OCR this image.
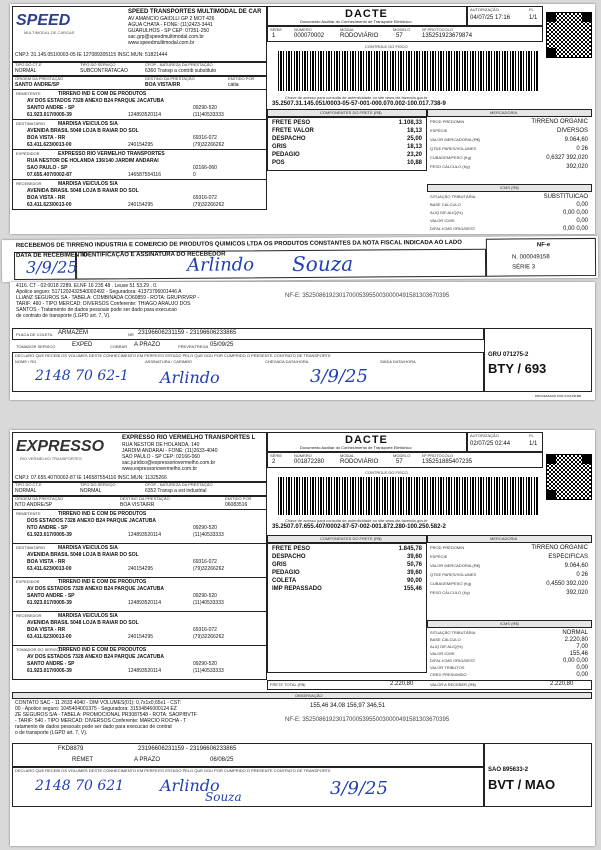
SPEED
MULTIMODAL DE CARGAS
SPEED TRANSPORTES MULTIMODAL DE CAR
AV AMANCIO GAIOLLI GP 2 MOT 426
AGUA CHATA - FONE: (11)2423-3441
GUARULHOS - SP CEP: 07251-250
sac.grp@speedmultimodal.com.br
www.speedmultimodal.com.br
CNPJ: 31.145.051/0003-05 IE 127089305115 INSC.MUN: 51821444
DACTE
Documento Auxiliar do Conhecimento de Transporte Eletrônico
AUTORIZAÇÃO
04/07/25 17:16
FL
1/1
SÉRIE
1
NÚMERO
000070002
MODAL
RODOVIÁRIO
MODELO
57
Nº PROTOCOLO
135251923679874
CONTROLE DO FISCO
Chave de acesso para consulta de autenticidade no site www.cte.fazenda.gov.br
35.2507.31.145.051/0003-05-57-001-000.070.002-100.017.738-9
TIPO DO CT-E
NORMAL
TIPO DO SERVIÇO
SUBCONTRATACAO
CFOP - NATUREZA DA PRESTAÇÃO
6360 Transp a contrib substituto
ORIGEM DA PRESTAÇÃO
SANTO ANDRE/SP
DESTINO DA PRESTAÇÃO
BOA VISTA/RR
EMITIDO POR
catia
REMETENTE	TIRRENO IND E COM DE PRODUTOS
AV DOS ESTADOS 7328 ANEXO B24 PARQUE JACATUBA
SANTO ANDRE - SP	09290-520
61.923.017/0005-39	124893520114	(11)40533333
DESTINATÁRIO	MARDISA VEICULOS S/A
AVENIDA BRASIL 5048 LOJA B RAIAR DO SOL
BOA VISTA - RR	69316-072
63.411.623/0013-00	240154295	(79)32266262
EXPEDIDOR	EXPRESSO RIO VERMELHO TRANSPORTES
RUA NESTOR DE HOLANDA 136/140 JARDIM ANDARAI
SAO PAULO - SP	02166-060
07.655.407/0002-87	146587554116	0
RECEBEDOR	MARDISA VEICULOS S/A
AVENIDA BRASIL 5048 LOJA B RAIAR DO SOL
BOA VISTA - RR	69316-072
63.411.623/0013-00	240154295	(79)32266262
COMPONENTES DO FRETE (R$)
FRETE PESO	1.108,33
FRETE VALOR	18,13
DESPACHO	25,00
GRIS	18,13
PEDAGIO	23,20
POS	10,88
MERCADORIA
PROD PREDOMIN	TIRRENO ORGANIC
ESPÉCIE	DIVERSOS
VALOR MERCADORIA (R$)	9.064,60
QTDE PARES/VOLUMES	0 26
CUBAGEM/PESO (Kg)	0,6327 392,020
PESO CÁLCULO (Kg)	392,020
ICMS (R$)
SITUAÇÃO TRIBUTÁRIA	SUBSTITUICAO
BASE CÁLCULO	0,00
ALIQ DIF.ALIQ(%)	0,00 0,00
VALOR ICMS	0,00
DIFAL ICMS ORIG/DEST	0,00 0,00
RECEBEMOS DE TIRRENO INDUSTRIA E COMERCIO DE PRODUTOS QUIMICOS LTDA OS PRODUTOS CONSTANTES DA NOTA FISCAL INDICADA AO LADO
DATA DE RECEBIMENTO
IDENTIFICAÇÃO E ASSINATURA DO RECEBEDOR
NF-e
N. 000049158
SÉRIE 3
3/9/25	Arlindo Souza
4116. CT - 02:0018 2289. ELNF 16 235 48 . Leuse 51 53.29 . 0.
Apolice seguro: 5171202432540002492 - Seguradora: 41373796001446 A
LLIANZ SEGUROS SA - TABELA: COMBINADA CO60859 - ROTA: GRUP/RVRP -
TARIF: 460 - TIPO MERCAD: DIVERSOS Conferente: THIAGO ARAUJO DOS
SANTOS - Tratamento de dados pessoais pode ser dado para execucao
de contrato de transporte (LGPD art. 7, V).
NF-E: 35250861923017000539550030000491581303670395
PLACA DE COLETA ARMAZEM	NR 23196606231159 - 23196606233865
TOMADOR SERVICO	EXPED	COBRAR A PRAZO	PREVENTREGA 05/09/25
DECLARO QUE RECEBI OS VOLUMES DESTE CONHECIMENTO EM PERFEITO ESTADO PELO QUE DOU POR CUMPRIDO O PRESENTE CONTRATO DE TRANSPORTE
NOME / RG	ASSINATURA / CARIMBO	CHEGADA DATA/HORA	SAÍDA DATA/HORA
2148 70 62-1 Arlindo	3/9/25
GRU 071275-2
BTY / 693
PROCESSADO POR SYM.INF.BR
EXPRESSO
RIO VERMELHO TRANSPORTES
EXPRESSO RIO VERMELHO TRANSPORTES L
RUA NESTOR DE HOLANDA, 140
JARDIM ANDARAI - FONE: (11)2633-4040
SAO PAULO - SP CEP: 02166-060
sac.juridico@expressoriovermelho.com.br
www.expressoriovermelho.com.br
CNPJ: 07.655.407/0002-87 IE 146587554116 INSC.MUN: 11325266
DACTE
Documento Auxiliar do Conhecimento de Transporte Eletrônico
AUTORIZAÇÃO
02/07/25 02:44
FL
1/1
SÉRIE
2
NÚMERO
001872280
MODAL
RODOVIÁRIO
MODELO
57
Nº PROTOCOLO
135251885407235
CONTROLE DO FISCO
Chave de acesso para consulta de autenticidade no site www.cte.fazenda.gov.br
35.2507.07.655.407/0002-87-57-002-001.872.280-100.250.582-2
TIPO DO CT-E
NORMAL
TIPO DO SERVIÇO
NORMAL
CFOP - NATUREZA DA PRESTAÇÃO
6352 Transp a est industrial
ORIGEM DA PRESTAÇÃO
NTO ANDRE/SP
DESTINO DA PRESTAÇÃO
BOA VISTA/RR
EMITIDO POR
06083516
REMETENTE	TIRRENO IND E COM DE PRODUTOS
DOS ESTADOS 7328 ANEXO B24 PARQUE JACATUBA
NTO ANDRE - SP	09290-520
61.923.017/0005-39	124893520114	(11)40533333
DESTINATÁRIO	MARDISA VEICULOS S/A
AVENIDA BRASIL 5048 LOJA B RAIAR DO SOL
BOA VISTA - RR	69316-072
63.411.623/0013-00	240154295	(79)32266262
EXPEDIDOR	TIRRENO IND E COM DE PRODUTOS
AV DOS ESTADOS 7328 ANEXO B24 PARQUE JACATUBA
SANTO ANDRE - SP	09290-520
61.923.017/0005-39	124893520114	(11)40533333
RECEBEDOR	MARDISA VEICULOS S/A
AVENIDA BRASIL 5048 LOJA B RAIAR DO SOL
BOA VISTA - RR	69316-072
63.411.623/0013-00	240154295	(79)32266262
TOMADOR DO SERVIÇO
TIRRENO IND E COM DE PRODUTOS
AV DOS ESTADOS 7328 ANEXO B24 PARQUE JACATUBA
SANTO ANDRE - SP	09290-520
61.923.017/0005-39	124893520114	(11)40533333
COMPONENTES DO FRETE (R$)
FRETE PESO	1.845,78
DESPACHO	39,60
GRIS	50,76
PEDAGIO	39,60
COLETA	90,00
IMP REPASSADO	155,46
MERCADORIA
PROD PREDOMIN	TIRRENO ORGANIC
ESPÉCIE	ESPECIFICAS
VALOR MERCADORIA (R$)	9.064,60
QTDE PARES/VOLUMES	0 26
CUBAGEM/PESO (Kg)	0,4550 392,020
PESO CÁLCULO (Kg)	392,020
ICMS (R$)
SITUAÇÃO TRIBUTÁRIA	NORMAL
BASE CÁLCULO	2.220,80
ALIQ DIF.ALIQ(%)	7,00
VALOR ICMS	155,46
DIFAL ICMS ORIG/DEST	0,00 0,00
VALOR TRIBUTOS	0,00
CRED PRESUMIDO	0,00
FRETE TOTAL (R$)	2.220,80	VALOR A RECEBER (R$)	2.220,80
OBSERVAÇÃO
CONTATO SAC - 11 2633 4040 - DIM VOLUMES(01): 0,7x1x0,65x1 - CST:
00 - Apolice seguro: 1045404001375 - Seguradora: 31534846000124 EZ
ZE SEGUROS S/A - TABELA: PROMOCIONAL PR3087548 - ROTA: SAOP/BVTF
- TARIF: 540 - TIPO MERCAD: DIVERSOS Conferente: MARCIO ROCHA - T
ratamento de dados pessoais pode ser dado para execucao de contrat
o de transporte (LGPD art. 7, V).
155,46 34,08 156,97 346,51
NF-E: 35250861923017000539550030000491581303670395
FKD8879	23196606231159 - 23196606233865
REMET	A PRAZO	06/08/25
DECLARO QUE RECEBI OS VOLUMES DESTE CONHECIMENTO EM PERFEITO ESTADO PELO QUE DOU POR CUMPRIDO O PRESENTE CONTRATO DE TRANSPORTE
2148 70 621 Arlindo
Souza	3/9/25
SAO 895633-2
BVT / MAO
